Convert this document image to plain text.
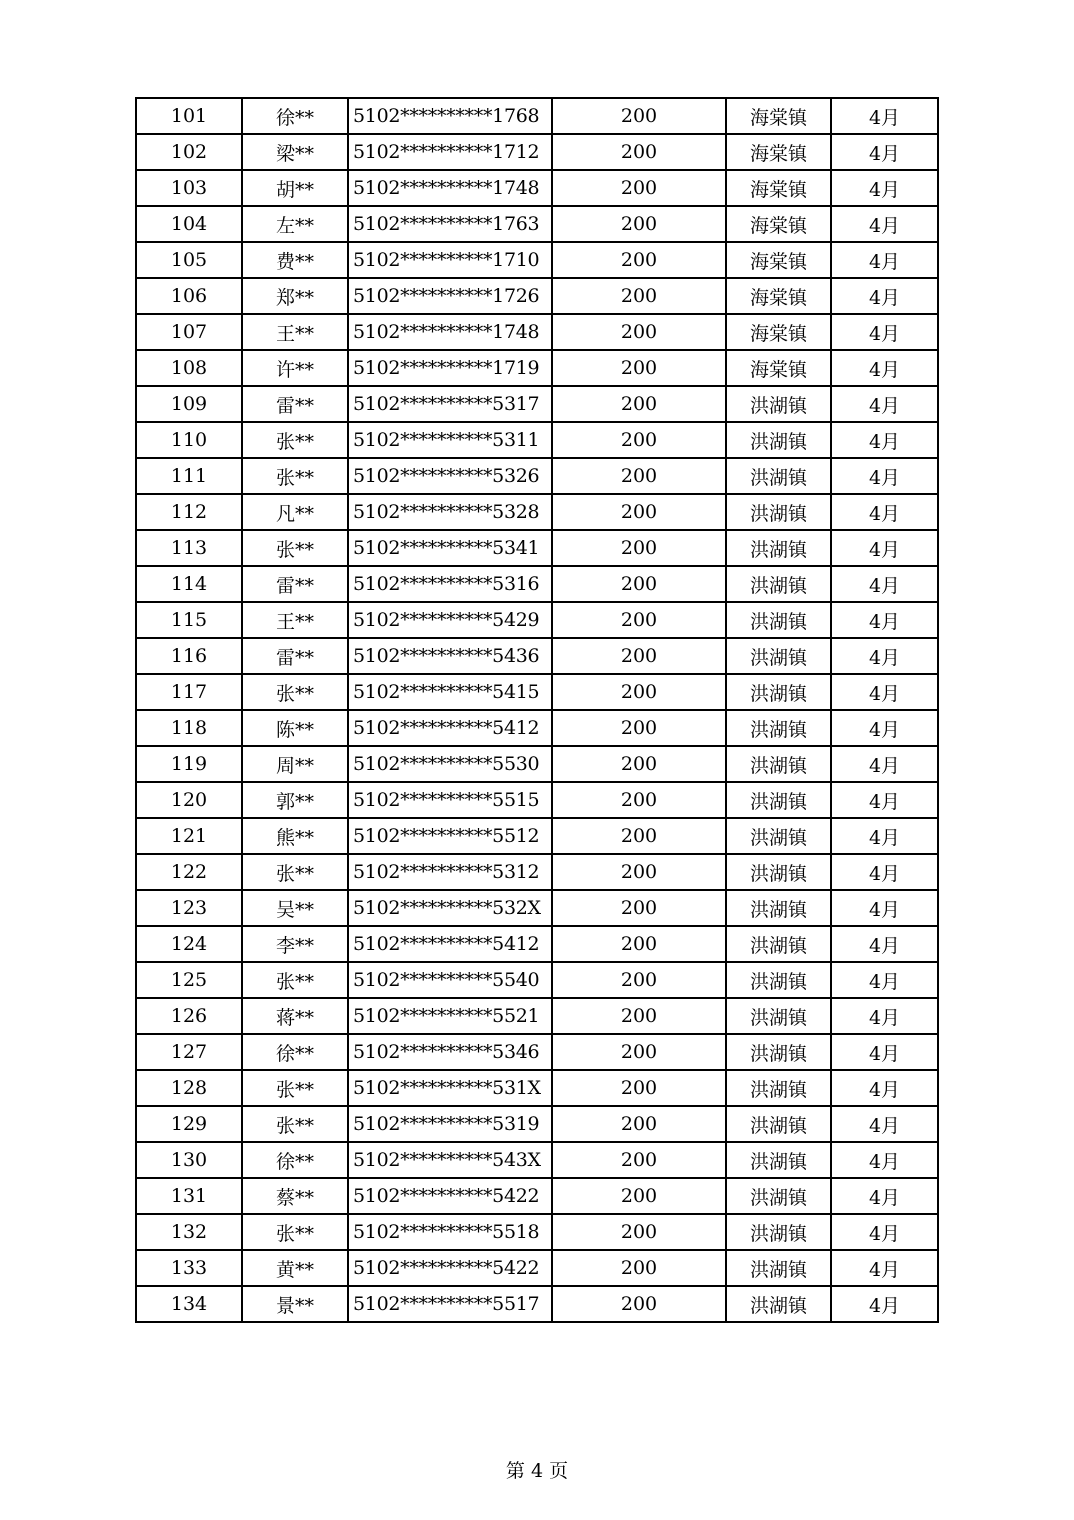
101	徐**	5102**********1768	200	海棠镇	4月
102	梁**	5102**********1712	200	海棠镇	4月
103	胡**	5102**********1748	200	海棠镇	4月
104	左**	5102**********1763	200	海棠镇	4月
105	费**	5102**********1710	200	海棠镇	4月
106	郑**	5102**********1726	200	海棠镇	4月
107	王**	5102**********1748	200	海棠镇	4月
108	许**	5102**********1719	200	海棠镇	4月
109	雷**	5102**********5317	200	洪湖镇	4月
110	张**	5102**********5311	200	洪湖镇	4月
111	张**	5102**********5326	200	洪湖镇	4月
112	凡**	5102**********5328	200	洪湖镇	4月
113	张**	5102**********5341	200	洪湖镇	4月
114	雷**	5102**********5316	200	洪湖镇	4月
115	王**	5102**********5429	200	洪湖镇	4月
116	雷**	5102**********5436	200	洪湖镇	4月
117	张**	5102**********5415	200	洪湖镇	4月
118	陈**	5102**********5412	200	洪湖镇	4月
119	周**	5102**********5530	200	洪湖镇	4月
120	郭**	5102**********5515	200	洪湖镇	4月
121	熊**	5102**********5512	200	洪湖镇	4月
122	张**	5102**********5312	200	洪湖镇	4月
123	吴**	5102**********532X	200	洪湖镇	4月
124	李**	5102**********5412	200	洪湖镇	4月
125	张**	5102**********5540	200	洪湖镇	4月
126	蒋**	5102**********5521	200	洪湖镇	4月
127	徐**	5102**********5346	200	洪湖镇	4月
128	张**	5102**********531X	200	洪湖镇	4月
129	张**	5102**********5319	200	洪湖镇	4月
130	徐**	5102**********543X	200	洪湖镇	4月
131	蔡**	5102**********5422	200	洪湖镇	4月
132	张**	5102**********5518	200	洪湖镇	4月
133	黄**	5102**********5422	200	洪湖镇	4月
134	景**	5102**********5517	200	洪湖镇	4月
第 4 页
